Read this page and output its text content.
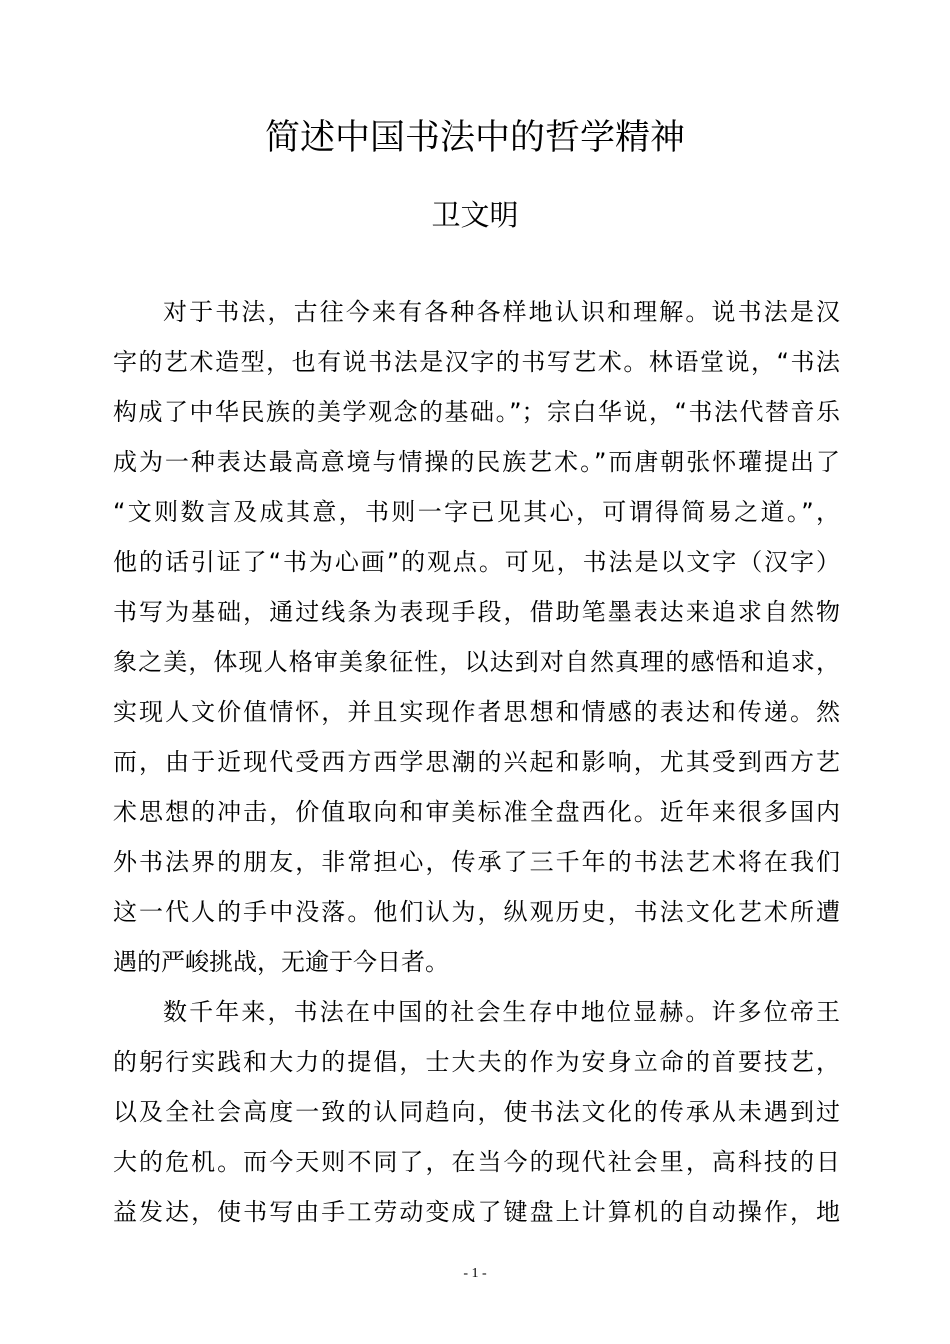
简述中国书法中的哲学精神
卫文明
对于书法，古往今来有各种各样地认识和理解。说书法是汉
字的艺术造型，也有说书法是汉字的书写艺术。林语堂说，“书法
构成了中华民族的美学观念的基础。”；宗白华说，“书法代替音乐
成为一种表达最高意境与情操的民族艺术。”而唐朝张怀瓘提出了
“文则数言及成其意，书则一字已见其心，可谓得简易之道。”，
他的话引证了“书为心画”的观点。可见，书法是以文字（汉字）
书写为基础，通过线条为表现手段，借助笔墨表达来追求自然物
象之美，体现人格审美象征性，以达到对自然真理的感悟和追求，
实现人文价值情怀，并且实现作者思想和情感的表达和传递。然
而，由于近现代受西方西学思潮的兴起和影响，尤其受到西方艺
术思想的冲击，价值取向和审美标准全盘西化。近年来很多国内
外书法界的朋友，非常担心，传承了三千年的书法艺术将在我们
这一代人的手中没落。他们认为，纵观历史，书法文化艺术所遭
遇的严峻挑战，无逾于今日者。
数千年来，书法在中国的社会生存中地位显赫。许多位帝王
的躬行实践和大力的提倡，士大夫的作为安身立命的首要技艺，
以及全社会高度一致的认同趋向，使书法文化的传承从未遇到过
大的危机。而今天则不同了，在当今的现代社会里，高科技的日
益发达，使书写由手工劳动变成了键盘上计算机的自动操作，地
- 1 -
